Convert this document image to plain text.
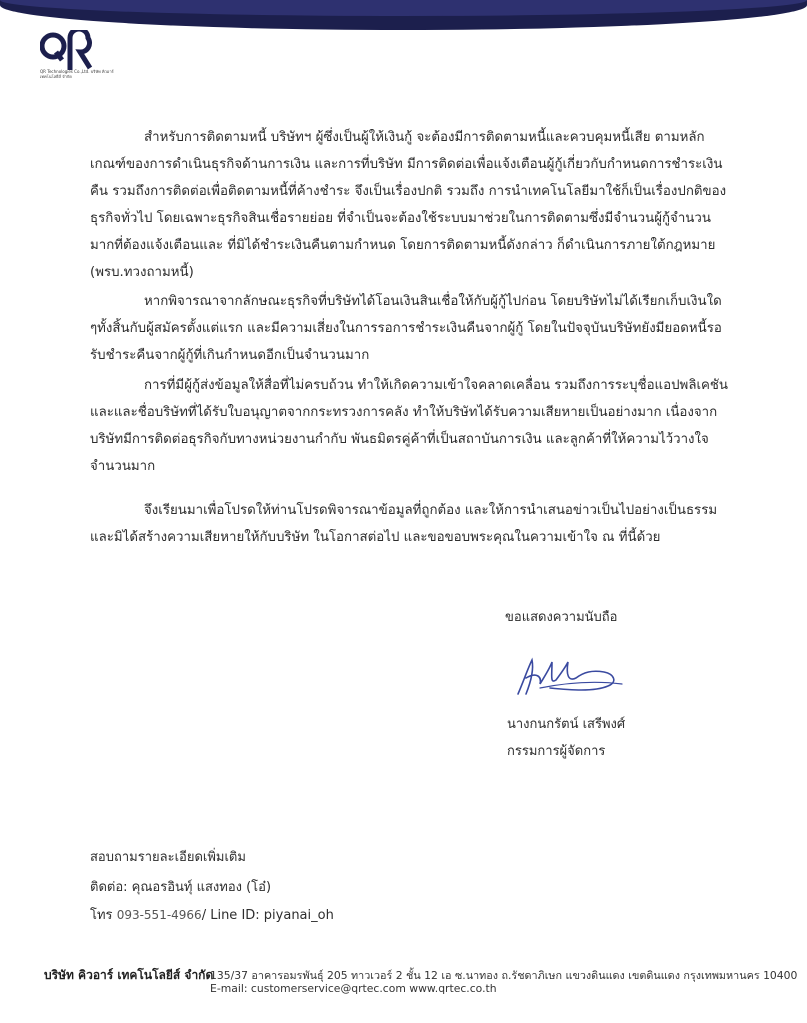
QR Technologies Co.,Ltd. บริษัท คิวอาร์ เทคโนโลยีส์ จำกัด

สำหรับการติดตามหนี้ บริษัทฯ ผู้ซึ่งเป็นผู้ให้เงินกู้ จะต้องมีการติดตามหนี้และควบคุมหนี้เสีย ตามหลักเกณฑ์ของการดำเนินธุรกิจด้านการเงิน และการที่บริษัท มีการติดต่อเพื่อแจ้งเตือนผู้กู้เกี่ยวกับกำหนดการชำระเงินคืน รวมถึงการติดต่อเพื่อติดตามหนี้ที่ค้างชำระ จึงเป็นเรื่องปกติ รวมถึง การนำเทคโนโลยีมาใช้ก็เป็นเรื่องปกติของธุรกิจทั่วไป โดยเฉพาะธุรกิจสินเชื่อรายย่อย ที่จำเป็นจะต้องใช้ระบบมาช่วยในการติดตามซึ่งมีจำนวนผู้กู้จำนวนมากที่ต้องแจ้งเตือนและ ที่มิได้ชำระเงินคืนตามกำหนด โดยการติดตามหนี้ดังกล่าว ก็ดำเนินการภายใต้กฎหมาย (พรบ.ทวงถามหนี้)

หากพิจารณาจากลักษณะธุรกิจที่บริษัทได้โอนเงินสินเชื่อให้กับผู้กู้ไปก่อน โดยบริษัทไม่ได้เรียกเก็บเงินใด ๆทั้งสิ้นกับผู้สมัครตั้งแต่แรก และมีความเสี่ยงในการรอการชำระเงินคืนจากผู้กู้ โดยในปัจจุบันบริษัทยังมียอดหนี้รอรับชำระคืนจากผู้กู้ที่เกินกำหนดอีกเป็นจำนวนมาก

การที่มีผู้กู้ส่งข้อมูลให้สื่อที่ไม่ครบถ้วน ทำให้เกิดความเข้าใจคลาดเคลื่อน รวมถึงการระบุชื่อแอปพลิเคชันและและชื่อบริษัทที่ได้รับใบอนุญาตจากกระทรวงการคลัง ทำให้บริษัทได้รับความเสียหายเป็นอย่างมาก เนื่องจากบริษัทมีการติดต่อธุรกิจกับทางหน่วยงานกำกับ พันธมิตรคู่ค้าที่เป็นสถาบันการเงิน และลูกค้าที่ให้ความไว้วางใจจำนวนมาก

จึงเรียนมาเพื่อโปรดให้ท่านโปรดพิจารณาข้อมูลที่ถูกต้อง และให้การนำเสนอข่าวเป็นไปอย่างเป็นธรรม และมิได้สร้างความเสียหายให้กับบริษัท ในโอกาสต่อไป และขอขอบพระคุณในความเข้าใจ ณ ที่นี้ด้วย

ขอแสดงความนับถือ
นางกนกรัตน์ เสรีพงศ์
กรรมการผู้จัดการ
สอบถามรายละเอียดเพิ่มเติม
ติดต่อ: คุณอรอินทุ์ แสงทอง (โอ๋)
โทร 093-551-4966/ Line ID: piyanai_oh
บริษัท คิวอาร์ เทคโนโลยีส์ จำกัด
135/37 อาคารอมรพันธุ์ 205 ทาวเวอร์ 2 ชั้น 12 เอ ซ.นาทอง ถ.รัชดาภิเษก แขวงดินแดง เขตดินแดง กรุงเทพมหานคร 10400
E-mail: customerservice@qrtec.com www.qrtec.co.th
